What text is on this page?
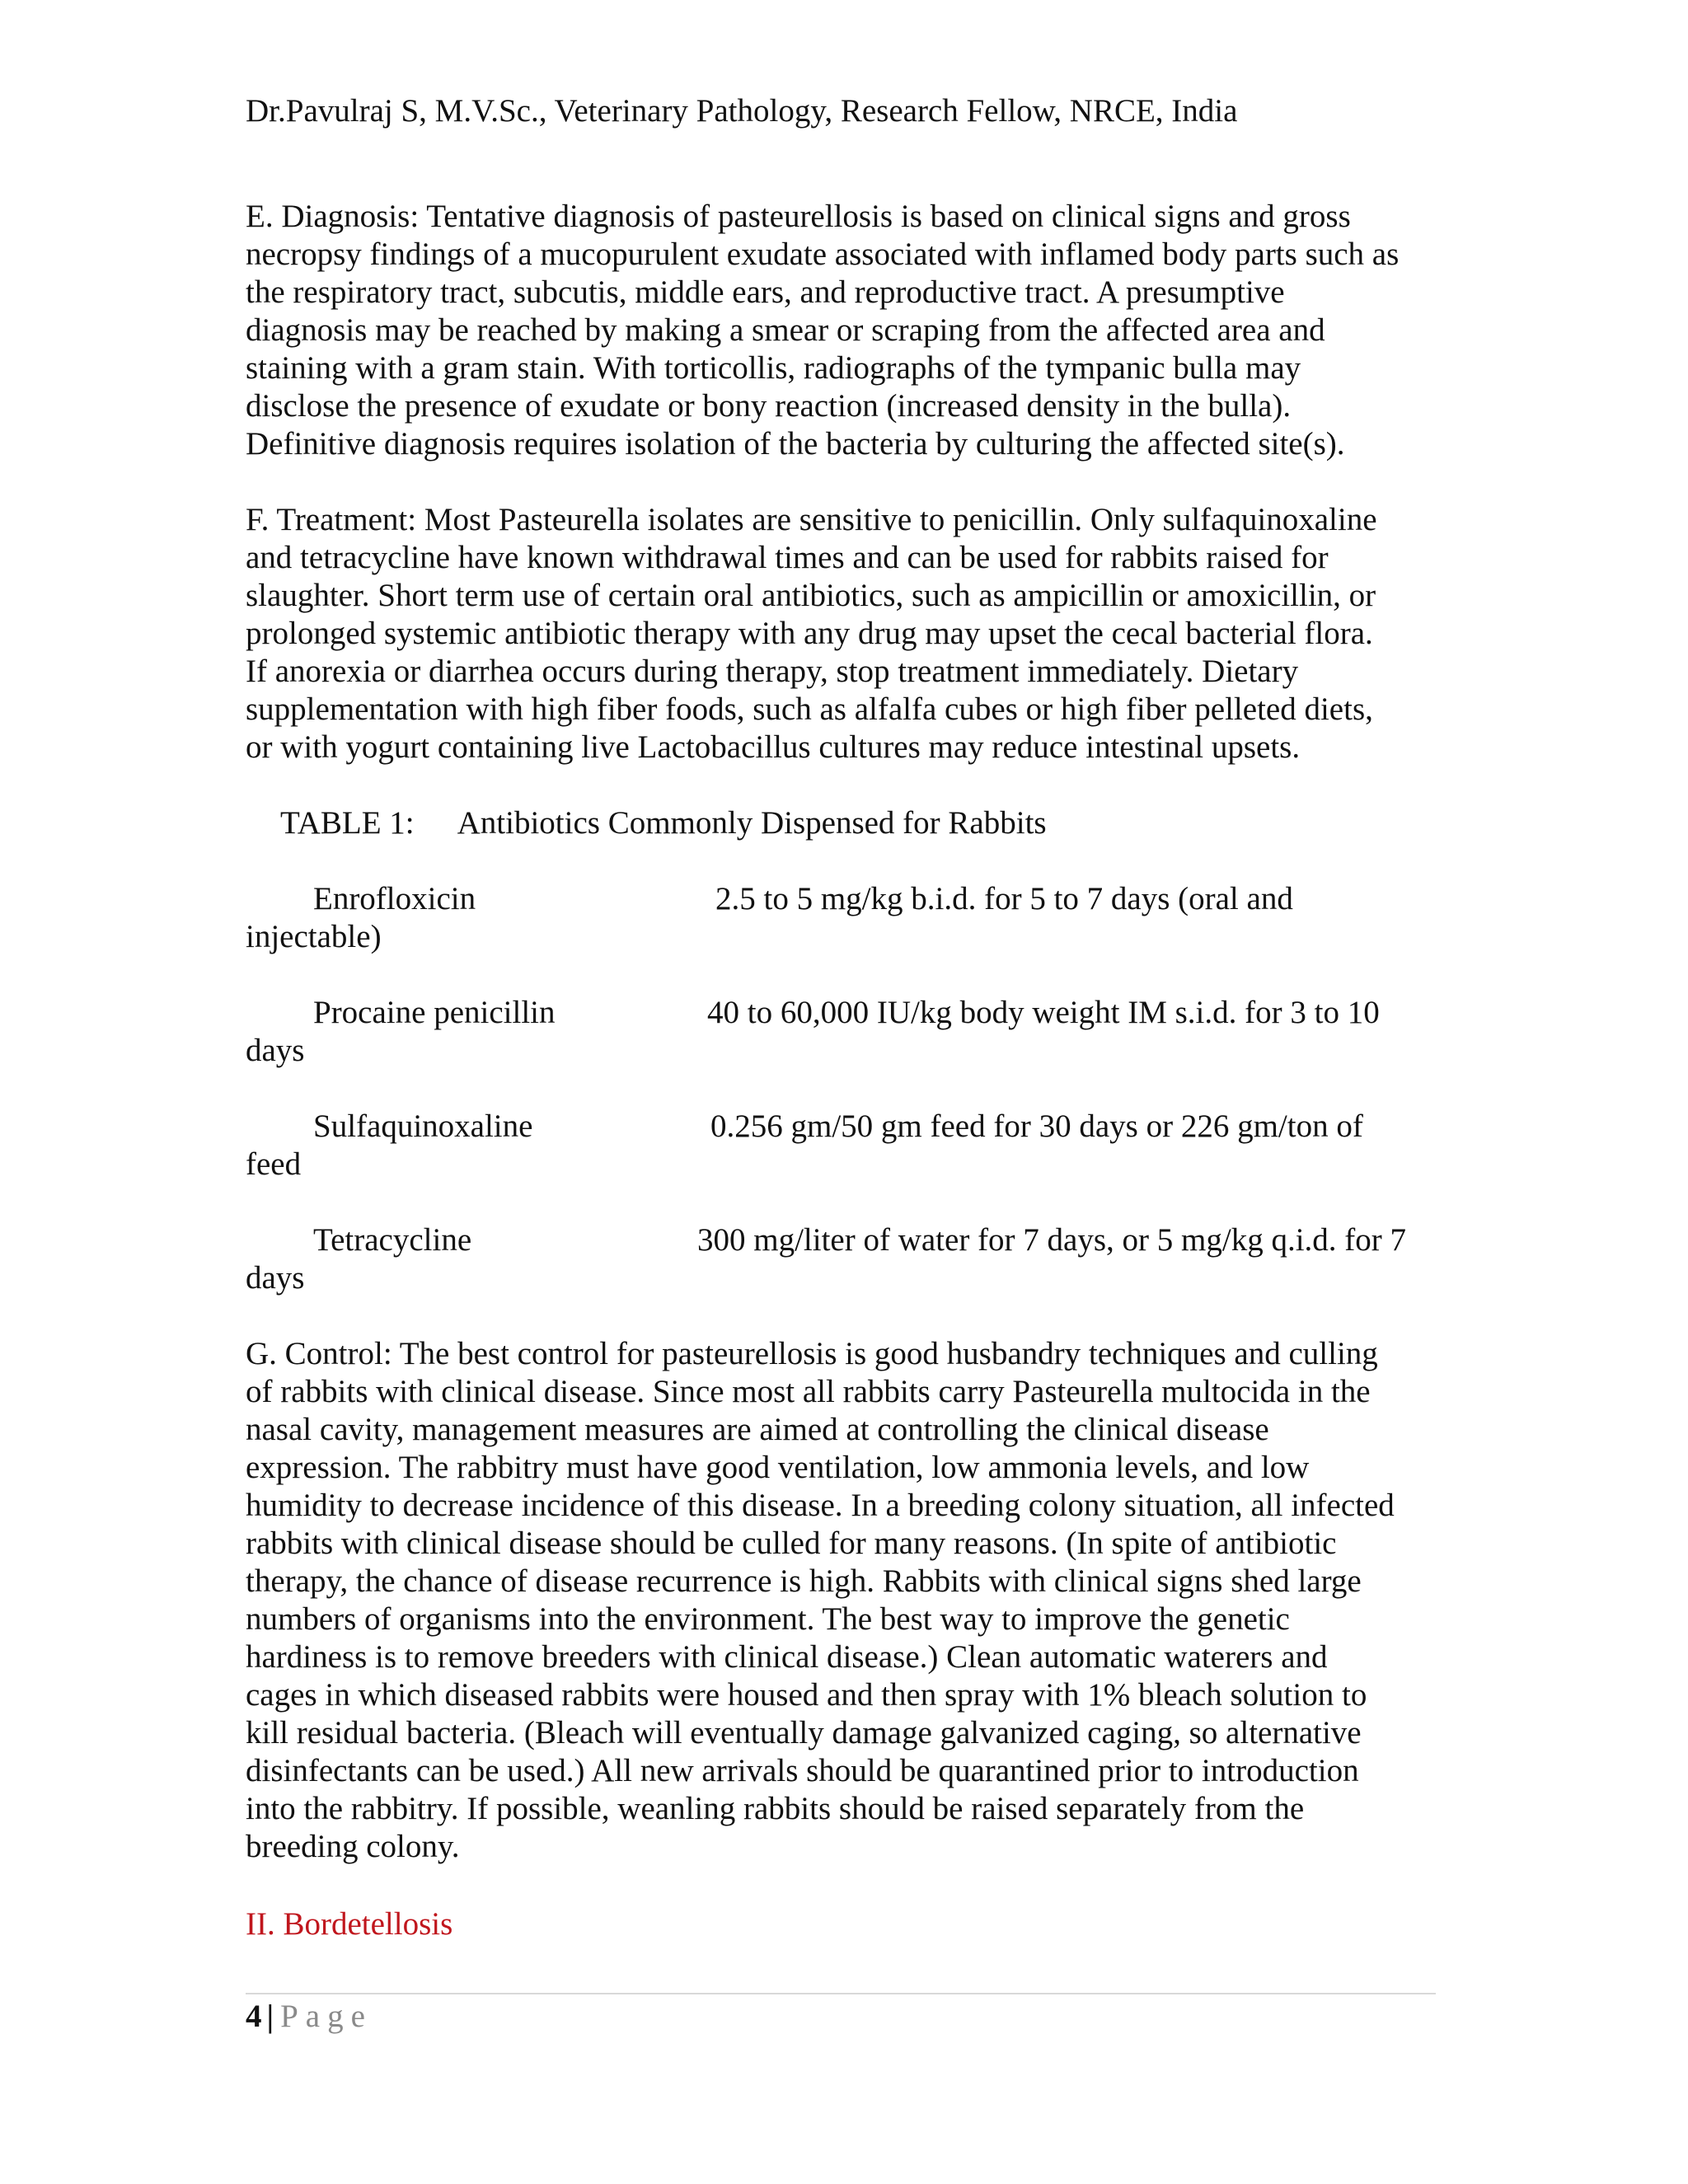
Dr.Pavulraj S, M.V.Sc., Veterinary Pathology, Research Fellow, NRCE, India
E. Diagnosis: Tentative diagnosis of pasteurellosis is based on clinical signs and gross
necropsy findings of a mucopurulent exudate associated with inflamed body parts such as
the respiratory tract, subcutis, middle ears, and reproductive tract. A presumptive
diagnosis may be reached by making a smear or scraping from the affected area and
staining with a gram stain. With torticollis, radiographs of the tympanic bulla may
disclose the presence of exudate or bony reaction (increased density in the bulla).
Definitive diagnosis requires isolation of the bacteria by culturing the affected site(s).
F. Treatment: Most Pasteurella isolates are sensitive to penicillin. Only sulfaquinoxaline
and tetracycline have known withdrawal times and can be used for rabbits raised for
slaughter. Short term use of certain oral antibiotics, such as ampicillin or amoxicillin, or
prolonged systemic antibiotic therapy with any drug may upset the cecal bacterial flora.
If anorexia or diarrhea occurs during therapy, stop treatment immediately. Dietary
supplementation with high fiber foods, such as alfalfa cubes or high fiber pelleted diets,
or with yogurt containing live Lactobacillus cultures may reduce intestinal upsets.
TABLE 1: Antibiotics Commonly Dispensed for Rabbits
Enrofloxicin	2.5 to 5 mg/kg b.i.d. for 5 to 7 days (oral and
injectable)
Procaine penicillin	40 to 60,000 IU/kg body weight IM s.i.d. for 3 to 10
days
Sulfaquinoxaline	0.256 gm/50 gm feed for 30 days or 226 gm/ton of
feed
Tetracycline	300 mg/liter of water for 7 days, or 5 mg/kg q.i.d. for 7
days
G. Control: The best control for pasteurellosis is good husbandry techniques and culling
of rabbits with clinical disease. Since most all rabbits carry Pasteurella multocida in the
nasal cavity, management measures are aimed at controlling the clinical disease
expression. The rabbitry must have good ventilation, low ammonia levels, and low
humidity to decrease incidence of this disease. In a breeding colony situation, all infected
rabbits with clinical disease should be culled for many reasons. (In spite of antibiotic
therapy, the chance of disease recurrence is high. Rabbits with clinical signs shed large
numbers of organisms into the environment. The best way to improve the genetic
hardiness is to remove breeders with clinical disease.) Clean automatic waterers and
cages in which diseased rabbits were housed and then spray with 1% bleach solution to
kill residual bacteria. (Bleach will eventually damage galvanized caging, so alternative
disinfectants can be used.) All new arrivals should be quarantined prior to introduction
into the rabbitry. If possible, weanling rabbits should be raised separately from the
breeding colony.
II. Bordetellosis
4 | Page
